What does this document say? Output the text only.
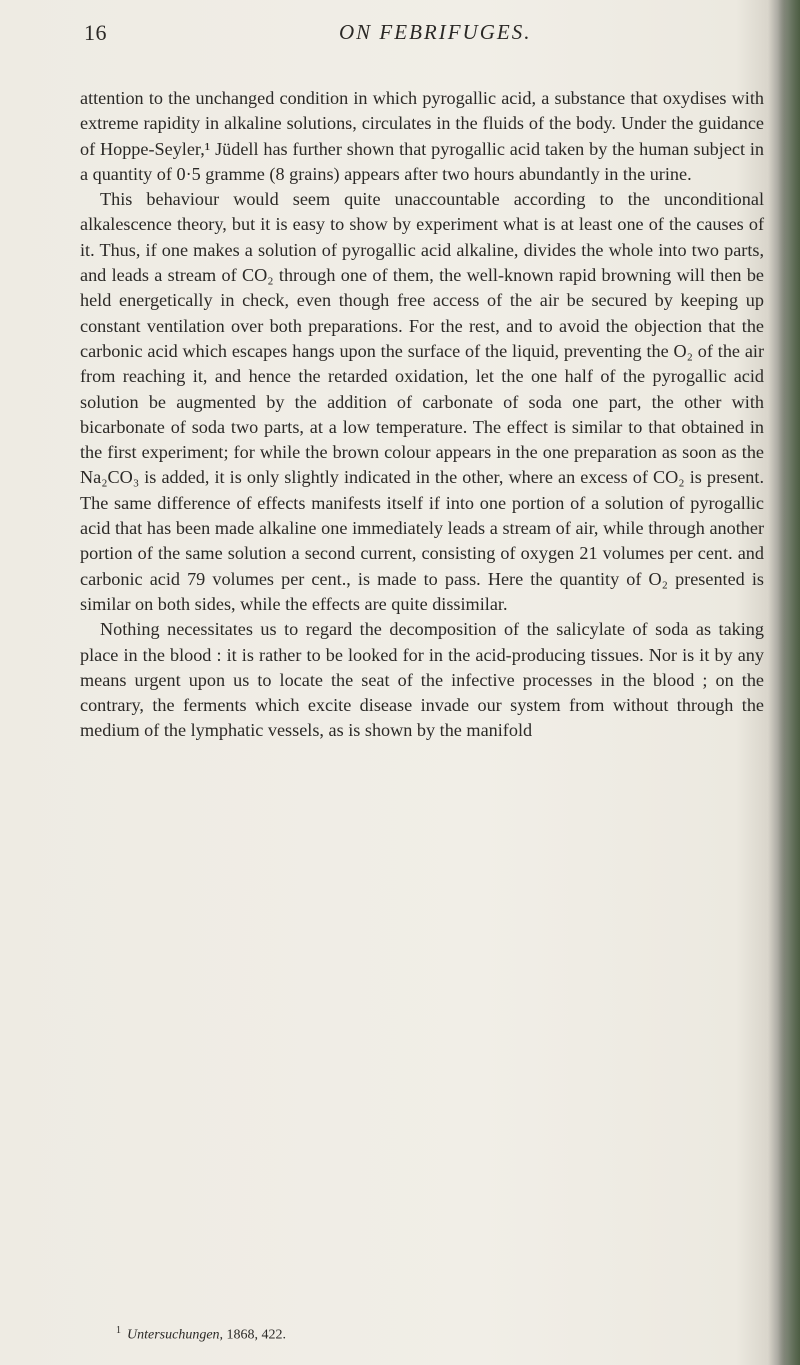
16	ON FEBRIFUGES.

attention to the unchanged condition in which pyrogallic acid, a substance that oxydises with extreme rapidity in alkaline solutions, circulates in the fluids of the body. Under the guidance of Hoppe-Seyler,¹ Jüdell has further shown that pyrogallic acid taken by the human subject in a quantity of 0·5 gramme (8 grains) appears after two hours abundantly in the urine.

This behaviour would seem quite unaccountable according to the unconditional alkalescence theory, but it is easy to show by experiment what is at least one of the causes of it. Thus, if one makes a solution of pyrogallic acid alkaline, divides the whole into two parts, and leads a stream of CO₂ through one of them, the well-known rapid browning will then be held energetically in check, even though free access of the air be secured by keeping up constant ventilation over both preparations. For the rest, and to avoid the objection that the carbonic acid which escapes hangs upon the surface of the liquid, preventing the O₂ of the air from reaching it, and hence the retarded oxidation, let the one half of the pyrogallic acid solution be augmented by the addition of carbonate of soda one part, the other with bicarbonate of soda two parts, at a low temperature. The effect is similar to that obtained in the first experiment; for while the brown colour appears in the one preparation as soon as the Na₂CO₃ is added, it is only slightly indicated in the other, where an excess of CO₂ is present. The same difference of effects manifests itself if into one portion of a solution of pyrogallic acid that has been made alkaline one immediately leads a stream of air, while through another portion of the same solution a second current, consisting of oxygen 21 volumes per cent. and carbonic acid 79 volumes per cent., is made to pass. Here the quantity of O₂ presented is similar on both sides, while the effects are quite dissimilar.

Nothing necessitates us to regard the decomposition of the salicylate of soda as taking place in the blood : it is rather to be looked for in the acid-producing tissues. Nor is it by any means urgent upon us to locate the seat of the infective processes in the blood ; on the contrary, the ferments which excite disease invade our system from without through the medium of the lymphatic vessels, as is shown by the manifold

$^1$ Untersuchungen, 1868, 422.
